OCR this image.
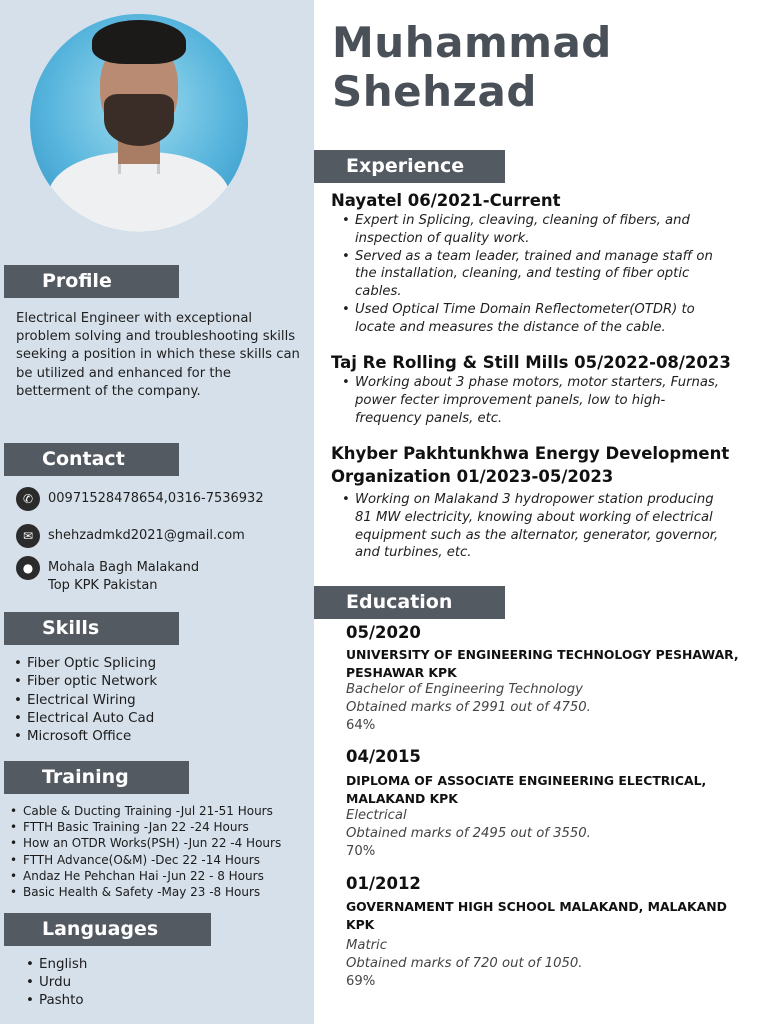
Profile
Electrical Engineer with exceptional problem solving and troubleshooting skills seeking a position in which these skills can be utilized and enhanced for the betterment of the company.
Contact
✆	00971528478654,0316-7536932
✉	shehzadmkd2021@gmail.com
●	Mohala Bagh Malakand
Top KPK Pakistan
Skills
• Fiber Optic Splicing
• Fiber optic Network
• Electrical Wiring
• Electrical Auto Cad
• Microsoft Office
Training
• Cable & Ducting Training -Jul 21-51 Hours
• FTTH Basic Training -Jan 22 -24 Hours
• How an OTDR Works(PSH) -Jun 22 -4 Hours
• FTTH Advance(O&M) -Dec 22 -14 Hours
• Andaz He Pehchan Hai -Jun 22 - 8 Hours
• Basic Health & Safety -May 23 -8 Hours
Languages
• English
• Urdu
• Pashto
Muhammad
Shehzad
Experience
Nayatel 06/2021-Current
• Expert in Splicing, cleaving, cleaning of fibers, and inspection of quality work.
• Served as a team leader, trained and manage staff on the installation, cleaning, and testing of fiber optic cables.
• Used Optical Time Domain Reflectometer(OTDR) to locate and measures the distance of the cable.
Taj Re Rolling & Still Mills 05/2022-08/2023
• Working about 3 phase motors, motor starters, Furnas, power fecter improvement panels, low to high-frequency panels, etc.
Khyber Pakhtunkhwa Energy Development
Organization 01/2023-05/2023
• Working on Malakand 3 hydropower station producing 81 MW electricity, knowing about working of electrical equipment such as the alternator, generator, governor, and turbines, etc.
Education
05/2020
UNIVERSITY OF ENGINEERING TECHNOLOGY PESHAWAR, PESHAWAR KPK
Bachelor of Engineering Technology
Obtained marks of 2991 out of 4750.
64%
04/2015
DIPLOMA OF ASSOCIATE ENGINEERING ELECTRICAL, MALAKAND KPK
Electrical
Obtained marks of 2495 out of 3550.
70%
01/2012
GOVERNAMENT HIGH SCHOOL MALAKAND, MALAKAND KPK
Matric
Obtained marks of 720 out of 1050.
69%
